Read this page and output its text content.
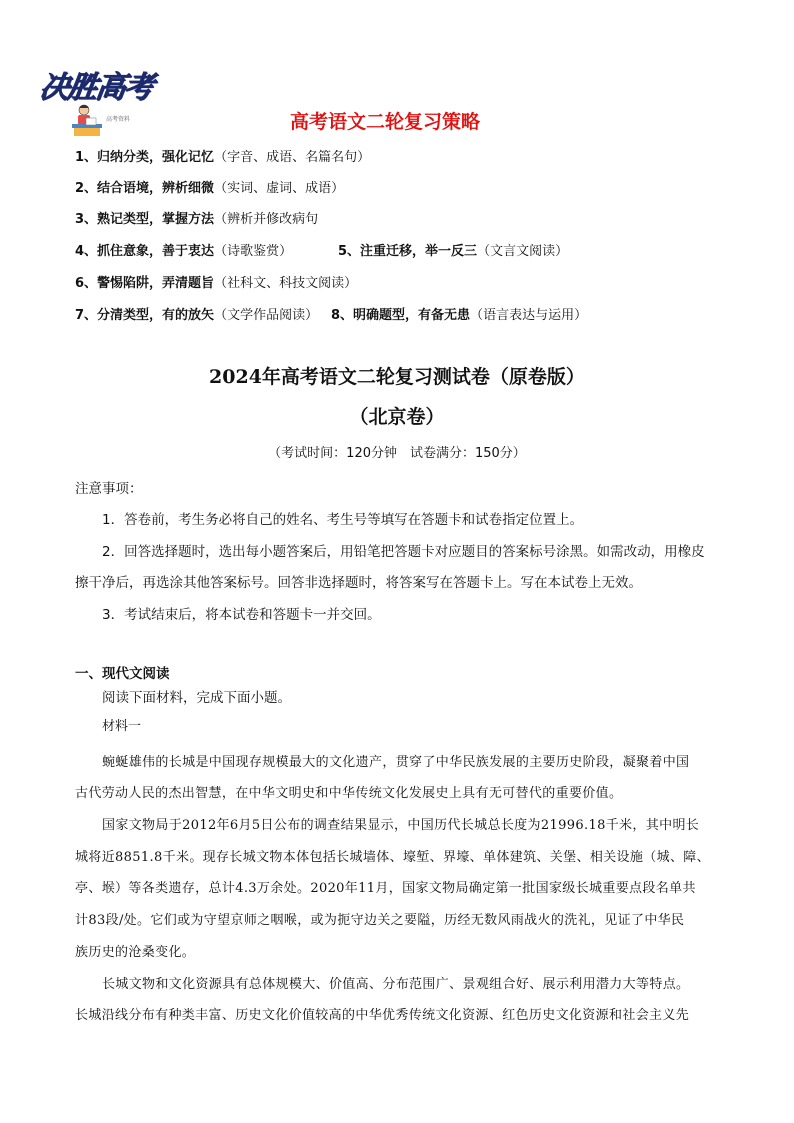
决胜高考
高考资料	高考语文二轮复习策略
1、归纳分类，强化记忆（字音、成语、名篇名句）
2、结合语境，辨析细微（实词、虚词、成语）
3、熟记类型，掌握方法（辨析并修改病句
4、抓住意象，善于衷达（诗歌鉴赏）	5、注重迁移，举一反三（文言文阅读）
6、警惕陷阱，弄清题旨（社科文、科技文阅读）
7、分清类型，有的放矢（文学作品阅读） 8、明确题型，有备无患（语言表达与运用）
2024年高考语文二轮复习测试卷（原卷版）
（北京卷）
（考试时间：120分钟　试卷满分：150分）
注意事项：
1．答卷前，考生务必将自己的姓名、考生号等填写在答题卡和试卷指定位置上。
2．回答选择题时，选出每小题答案后，用铅笔把答题卡对应题目的答案标号涂黑。如需改动，用橡皮
擦干净后，再选涂其他答案标号。回答非选择题时，将答案写在答题卡上。写在本试卷上无效。
3．考试结束后，将本试卷和答题卡一并交回。
一、现代文阅读
阅读下面材料，完成下面小题。
材料一
蜿蜒雄伟的长城是中国现存规模最大的文化遗产，贯穿了中华民族发展的主要历史阶段，凝聚着中国
古代劳动人民的杰出智慧，在中华文明史和中华传统文化发展史上具有无可替代的重要价值。
国家文物局于2012年6月5日公布的调查结果显示，中国历代长城总长度为21996.18千米，其中明长
城将近8851.8千米。现存长城文物本体包括长城墙体、壕堑、界壕、单体建筑、关堡、相关设施（城、障、
亭、堠）等各类遗存，总计4.3万余处。2020年11月，国家文物局确定第一批国家级长城重要点段名单共
计83段/处。它们或为守望京师之咽喉，或为扼守边关之要隘，历经无数风雨战火的洗礼，见证了中华民
族历史的沧桑变化。
长城文物和文化资源具有总体规模大、价值高、分布范围广、景观组合好、展示利用潜力大等特点。
长城沿线分布有种类丰富、历史文化价值较高的中华优秀传统文化资源、红色历史文化资源和社会主义先
